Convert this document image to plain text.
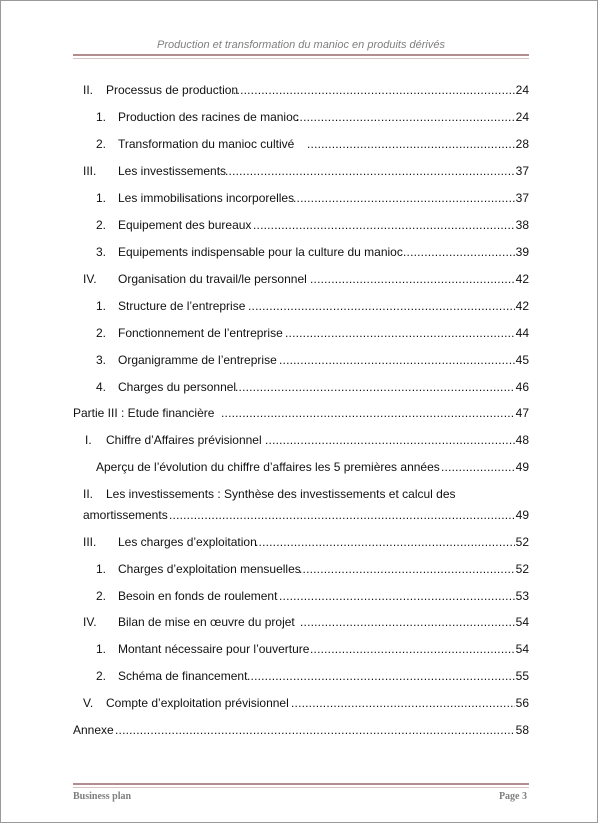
Production et transformation du manioc en produits dérivés
II. Processus de production .....	24
1. Production des racines de manioc .....	24
2. Transformation du manioc cultivé .....	28
III. Les investissements .....	37
1. Les immobilisations incorporelles .....	37
2. Equipement des bureaux .....	38
3. Equipements indispensable pour la culture du manioc .....	39
IV. Organisation du travail/le personnel .....	42
1. Structure de l’entreprise .....	42
2. Fonctionnement de l’entreprise .....	44
3. Organigramme de l’entreprise .....	45
4. Charges du personnel .....	46
Partie III : Etude financière .....	47
I. Chiffre d’Affaires prévisionnel .....	48
Aperçu de l’évolution du chiffre d’affaires les 5 premières années .....	49
II. Les investissements : Synthèse des investissements et calcul des
amortissements .....	49
III. Les charges d’exploitation .....	52
1. Charges d’exploitation mensuelles .....	52
2. Besoin en fonds de roulement .....	53
IV. Bilan de mise en œuvre du projet .....	54
1. Montant nécessaire pour l’ouverture .....	54
2. Schéma de financement .....	55
V. Compte d’exploitation prévisionnel .....	56
Annexe .....	58
Business plan	Page 3
